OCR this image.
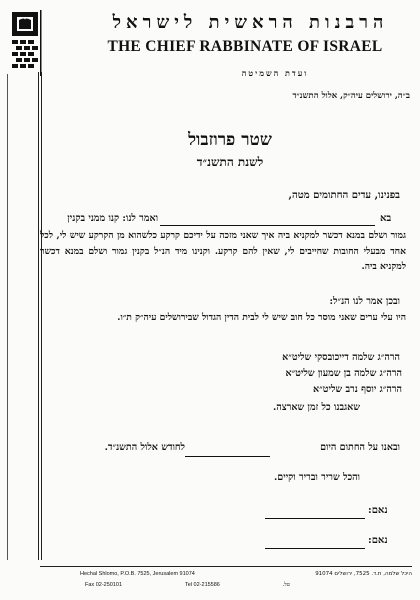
הרבנות הראשית לישראל
THE CHIEF RABBINATE OF ISRAEL
ועדת השמיטה
ב״ה, ירושלים עיה״ק, אלול התשנ״ד
שטר פרוזבול
לשנת התשנ״ד
בפנינו, עדים החתומים מטה,
בא
ואמר לנו: קנו ממני בקנין
גמור ושלם במנא דכשר למקניא ביה איך שאני מזכה על ידיכם קרקע כלשהוא מן הקרקע שיש לי, לכל אחד מבעלי החובות שחייבים לי, שאין להם קרקע. וקנינו מיד הנ״ל בקנין גמור ושלם במנא דכשר למקניא ביה.
ובכן אמר לנו הנ״ל:
היו עלי ערים שאני מוסר כל חוב שיש לי לבית הדין הגדול שבירושלים עיה״ק ת״ו.
הרה״ג שלמה דייכובסקי שליט״א
הרה״ג שלמה בן שמעון שליט״א
הרה״ג יוסף נרב שליט״א
שאגבנו כל זמן שארצה.
ובאנו על החתום היום
לחודש אלול התשנ״ד.
והכל שריר ובריר וקיים.
נאם:
נאם:
Hechal Shlomo, P.O.B. 7525, Jerusalem 91074	היכל שלמה, ת.ד. 7525, ירושלים 91074
Fax 02-250101	Tel 02-215586	טל.
